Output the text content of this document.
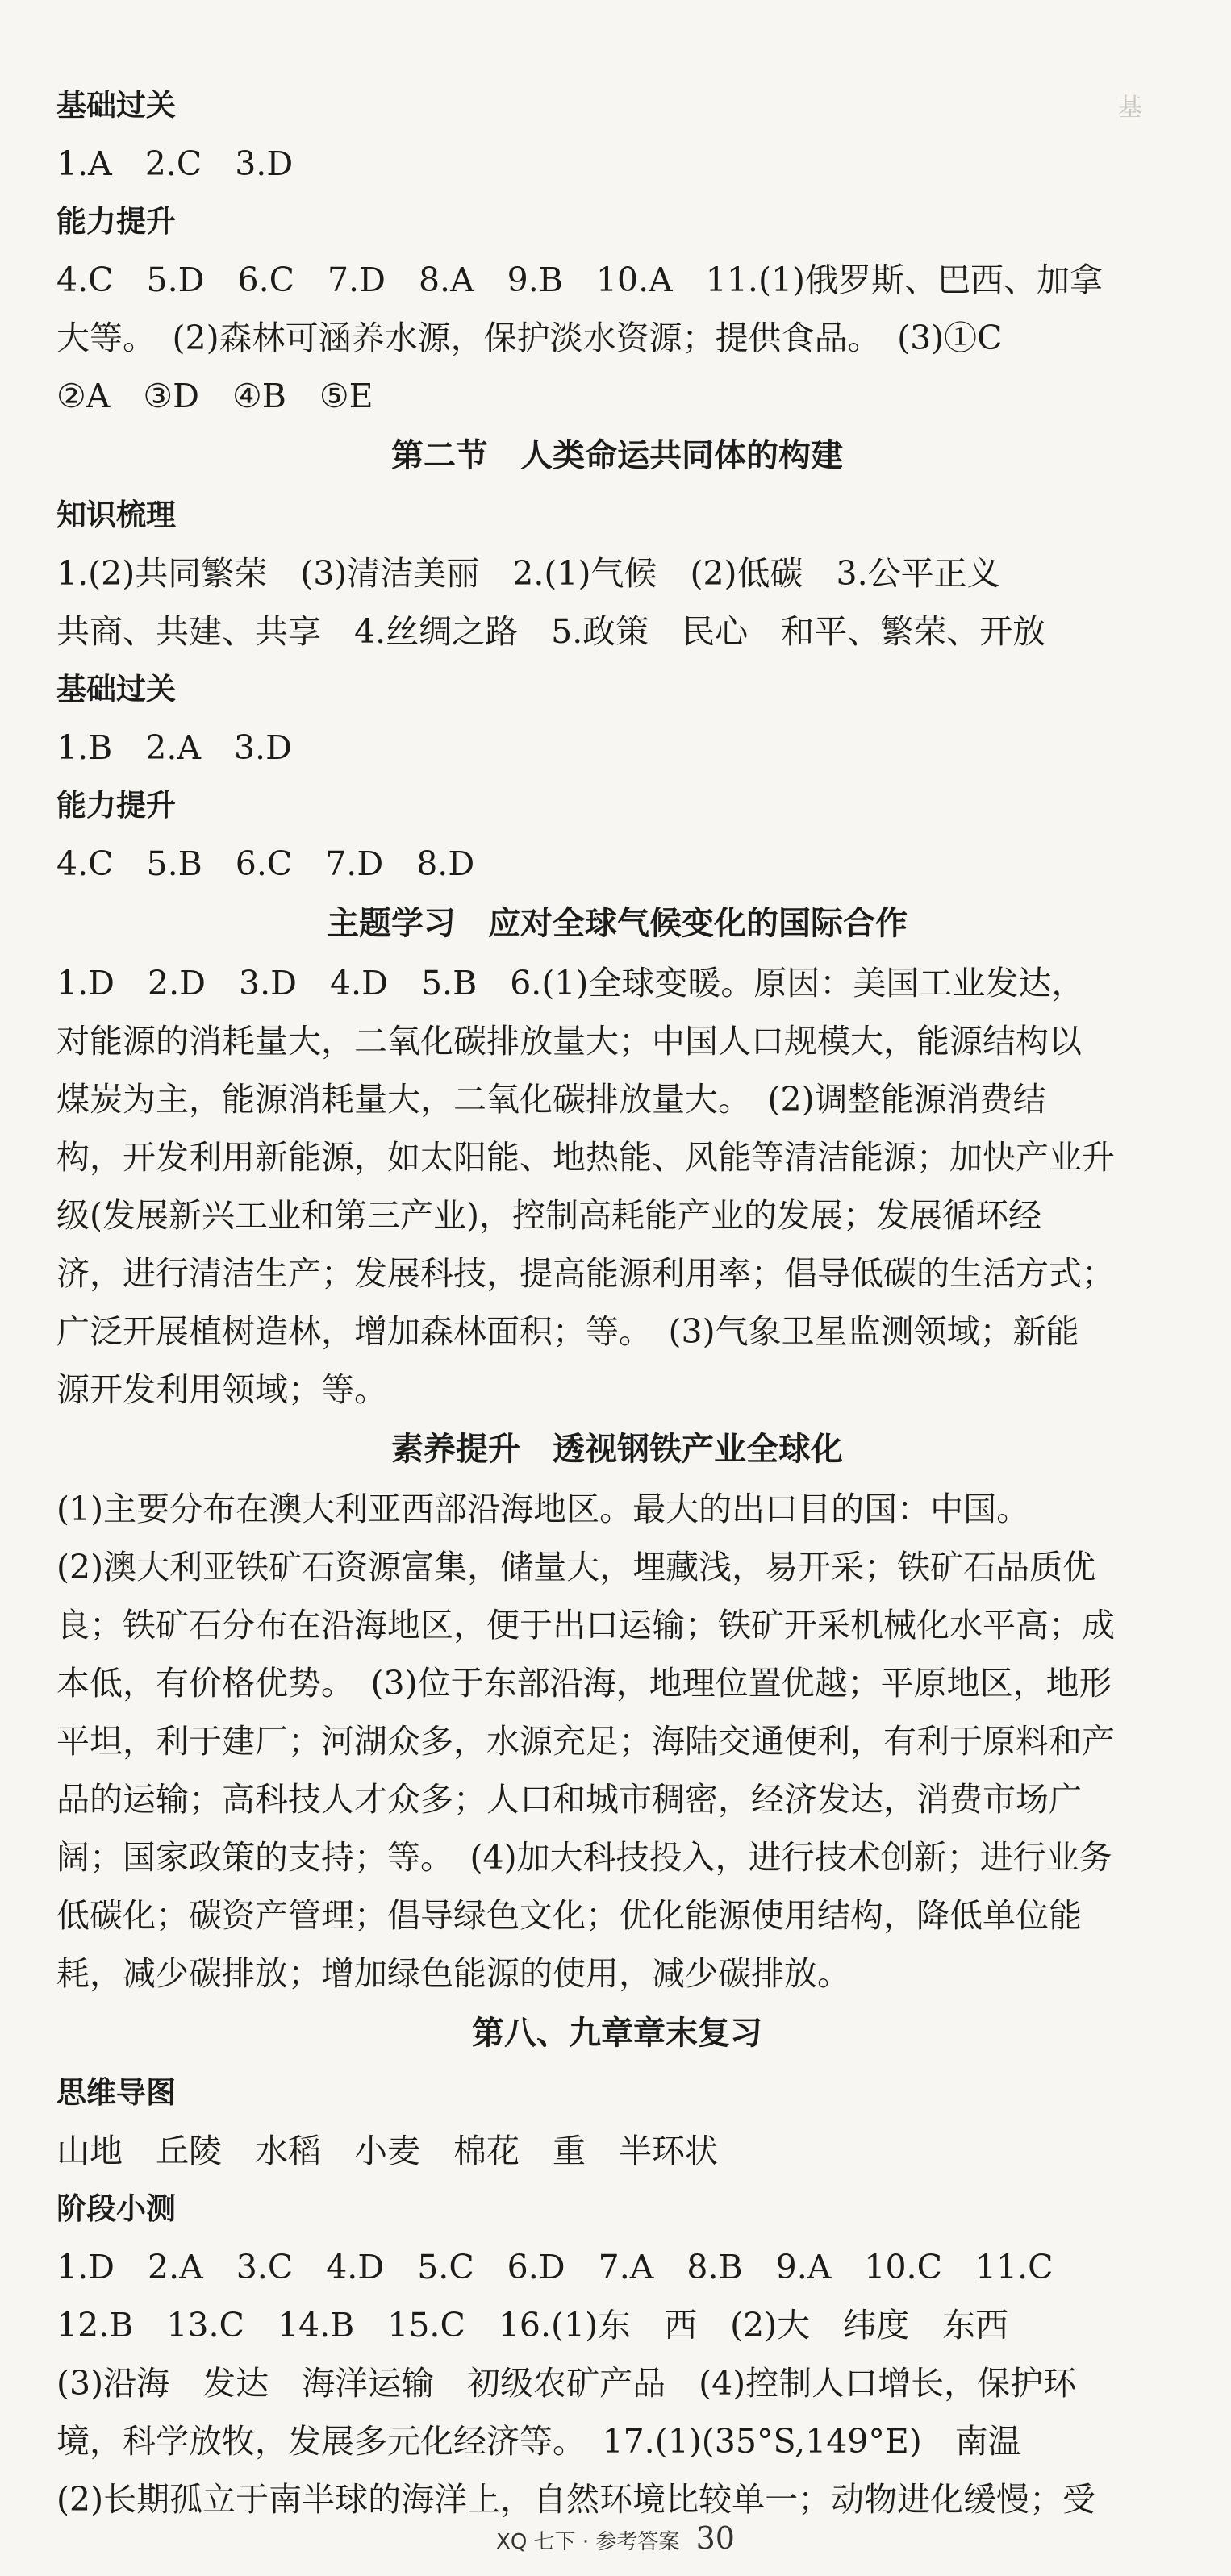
基

基础过关

1.A　2.C　3.D

能力提升

4.C　5.D　6.C　7.D　8.A　9.B　10.A　11.(1)俄罗斯、巴西、加拿

大等。　(2)森林可涵养水源，保护淡水资源；提供食品。　(3)①C

②A　③D　④B　⑤E

第二节　人类命运共同体的构建

知识梳理

1.(2)共同繁荣　(3)清洁美丽　2.(1)气候　(2)低碳　3.公平正义

共商、共建、共享　4.丝绸之路　5.政策　民心　和平、繁荣、开放

基础过关

1.B　2.A　3.D

能力提升

4.C　5.B　6.C　7.D　8.D

主题学习　应对全球气候变化的国际合作

1.D　2.D　3.D　4.D　5.B　6.(1)全球变暖。原因：美国工业发达，

对能源的消耗量大，二氧化碳排放量大；中国人口规模大，能源结构以

煤炭为主，能源消耗量大，二氧化碳排放量大。　(2)调整能源消费结

构，开发利用新能源，如太阳能、地热能、风能等清洁能源；加快产业升

级(发展新兴工业和第三产业)，控制高耗能产业的发展；发展循环经

济，进行清洁生产；发展科技，提高能源利用率；倡导低碳的生活方式；

广泛开展植树造林，增加森林面积；等。　(3)气象卫星监测领域；新能

源开发利用领域；等。

素养提升　透视钢铁产业全球化

(1)主要分布在澳大利亚西部沿海地区。最大的出口目的国：中国。

(2)澳大利亚铁矿石资源富集，储量大，埋藏浅，易开采；铁矿石品质优

良；铁矿石分布在沿海地区，便于出口运输；铁矿开采机械化水平高；成

本低，有价格优势。　(3)位于东部沿海，地理位置优越；平原地区，地形

平坦，利于建厂；河湖众多，水源充足；海陆交通便利，有利于原料和产

品的运输；高科技人才众多；人口和城市稠密，经济发达，消费市场广

阔；国家政策的支持；等。　(4)加大科技投入，进行技术创新；进行业务

低碳化；碳资产管理；倡导绿色文化；优化能源使用结构，降低单位能

耗，减少碳排放；增加绿色能源的使用，减少碳排放。

第八、九章章末复习

思维导图

山地　丘陵　水稻　小麦　棉花　重　半环状

阶段小测

1.D　2.A　3.C　4.D　5.C　6.D　7.A　8.B　9.A　10.C　11.C

12.B　13.C　14.B　15.C　16.(1)东　西　(2)大　纬度　东西

(3)沿海　发达　海洋运输　初级农矿产品　(4)控制人口增长，保护环

境，科学放牧，发展多元化经济等。　17.(1)(35°S,149°E)　南温

(2)长期孤立于南半球的海洋上，自然环境比较单一；动物进化缓慢；受

XQ 七下 · 参考答案 30
